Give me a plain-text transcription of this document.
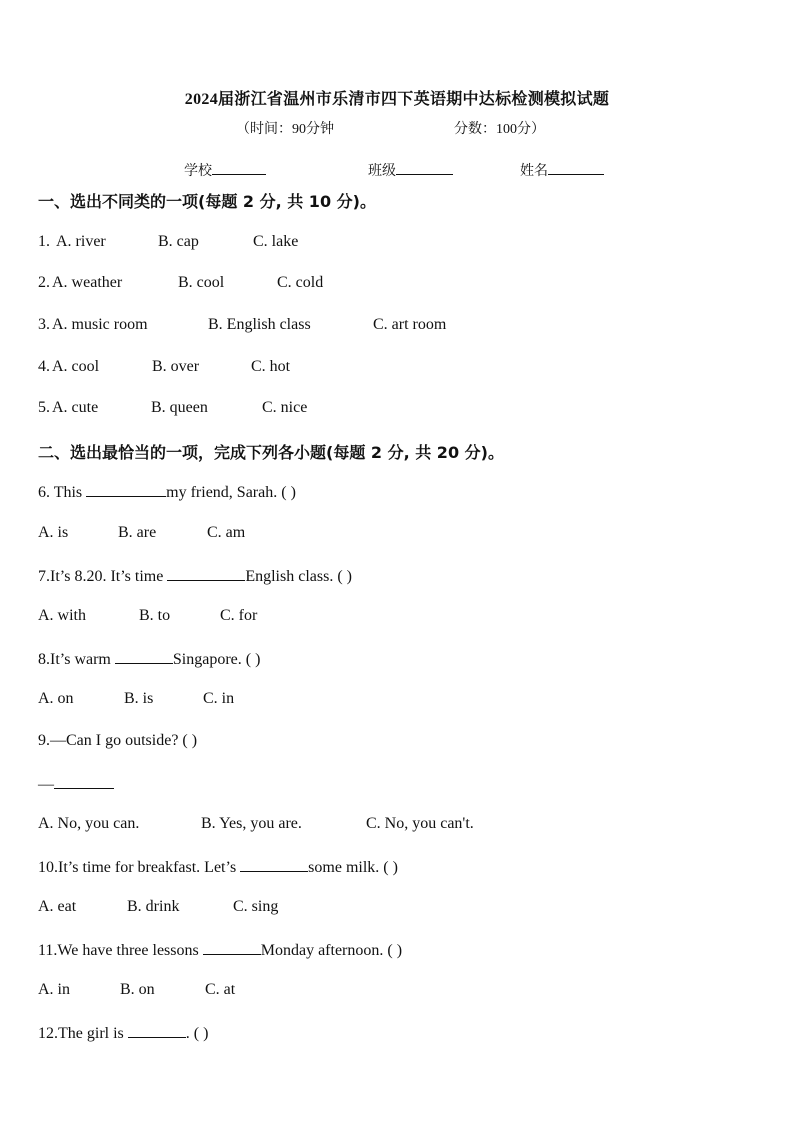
2024届浙江省温州市乐清市四下英语期中达标检测模拟试题
（时间：90分钟	分数：100分）
学校	班级	姓名
一、选出不同类的一项(每题 2 分, 共 10 分)。
1. A. river	B. cap	C. lake
2. A. weather	B. cool	C. cold
3. A. music room	B. English class	C. art room
4. A. cool	B. over	C. hot
5. A. cute	B. queen	C. nice
二、选出最恰当的一项，完成下列各小题(每题 2 分, 共 20 分)。
6. This	my friend, Sarah. ( )
A. is	B. are	C. am
7.It’s 8.20. It’s time	English class. ( )
A. with	B. to	C. for
8.It’s warm	Singapore. ( )
A. on	B. is	C. in
9.—Can I go outside? ( )
—
A. No, you can.	B. Yes, you are.	C. No, you can't.
10.It’s time for breakfast. Let’s	some milk. ( )
A. eat	B. drink	C. sing
11.We have three lessons	Monday afternoon. ( )
A. in	B. on	C. at
12.The girl is	. ( )
